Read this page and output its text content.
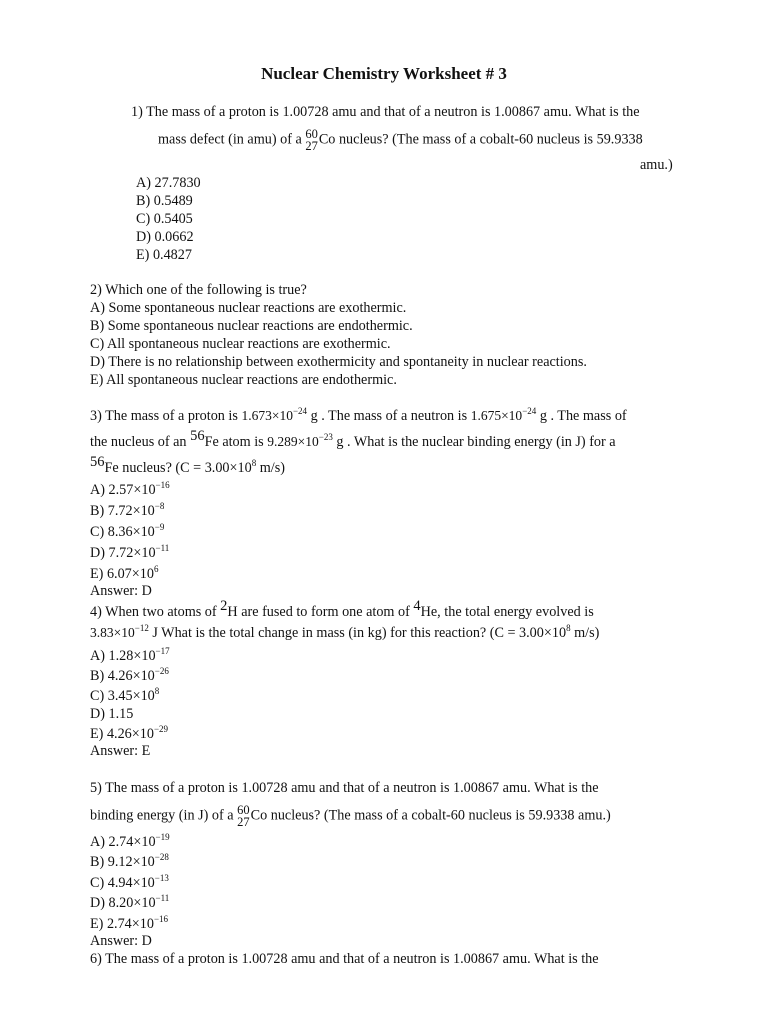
Nuclear Chemistry Worksheet # 3
1) The mass of a proton is 1.00728 amu and that of a neutron is 1.00867 amu. What is the
mass defect (in amu) of a 60
27 Co nucleus? (The mass of a cobalt-60 nucleus is 59.9338
amu.)
A) 27.7830
B) 0.5489
C) 0.5405
D) 0.0662
E) 0.4827
2) Which one of the following is true?
A) Some spontaneous nuclear reactions are exothermic.
B) Some spontaneous nuclear reactions are endothermic.
C) All spontaneous nuclear reactions are exothermic.
D) There is no relationship between exothermicity and spontaneity in nuclear reactions.
E) All spontaneous nuclear reactions are endothermic.
3) The mass of a proton is $1.673\times 10^{-24}$ g . The mass of a neutron is $1.675\times 10^{-24}$ g . The mass of
the nucleus of an 56Fe atom is $9.289\times 10^{-23}$ g . What is the nuclear binding energy (in J) for a
56Fe nucleus? ($C = 3.00\times 10^8$ m/s)
A) $2.57\times 10^{-16}$
B) $7.72\times 10^{-8}$
C) $8.36\times 10^{-9}$
D) $7.72\times 10^{-11}$
E) $6.07\times 10^6$
Answer: D
4) When two atoms of 2H are fused to form one atom of 4He, the total energy evolved is
$3.83\times 10^{-12}$ J What is the total change in mass (in kg) for this reaction? ($C = 3.00\times 10^8$ m/s)
A) $1.28\times 10^{-17}$
B) $4.26\times 10^{-26}$
C) $3.45\times 10^8$
D) 1.15
E) $4.26\times 10^{-29}$
Answer: E
5) The mass of a proton is 1.00728 amu and that of a neutron is 1.00867 amu. What is the
binding energy (in J) of a 60
27 Co nucleus? (The mass of a cobalt-60 nucleus is 59.9338 amu.)
A) $2.74\times 10^{-19}$
B) $9.12\times 10^{-28}$
C) $4.94\times 10^{-13}$
D) $8.20\times 10^{-11}$
E) $2.74\times 10^{-16}$
Answer: D
6) The mass of a proton is 1.00728 amu and that of a neutron is 1.00867 amu. What is the
